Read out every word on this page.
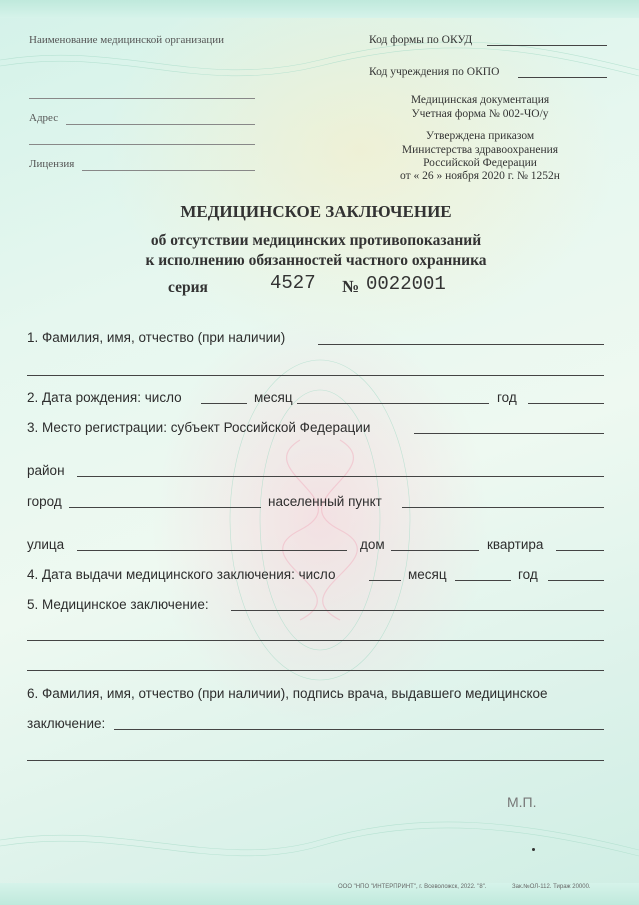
Наименование медицинской организации
Адрес
Лицензия
Код формы по ОКУД
Код учреждения по ОКПО
Медицинская документация
Учетная форма № 002-ЧО/у
Утверждена приказом
Министерства здравоохранения
Российской Федерации
от « 26 » ноября 2020 г. № 1252н
МЕДИЦИНСКОЕ ЗАКЛЮЧЕНИЕ
об отсутствии медицинских противопоказаний
к исполнению обязанностей частного охранника
серия	4527 № 0022001
1. Фамилия, имя, отчество (при наличии)
2. Дата рождения: число	месяц	год
3. Место регистрации: субъект Российской Федерации
район
город	населенный пункт
улица	дом	квартира
4. Дата выдачи медицинского заключения: число	месяц	год
5. Медицинское заключение:
6. Фамилия, имя, отчество (при наличии), подпись врача, выдавшего медицинское
заключение:
М.П.
ООО "НПО "ИНТЕРПРИНТ", г. Всеволожск, 2022. "8".	Зак.№ОЛ-112. Тираж 20000.
